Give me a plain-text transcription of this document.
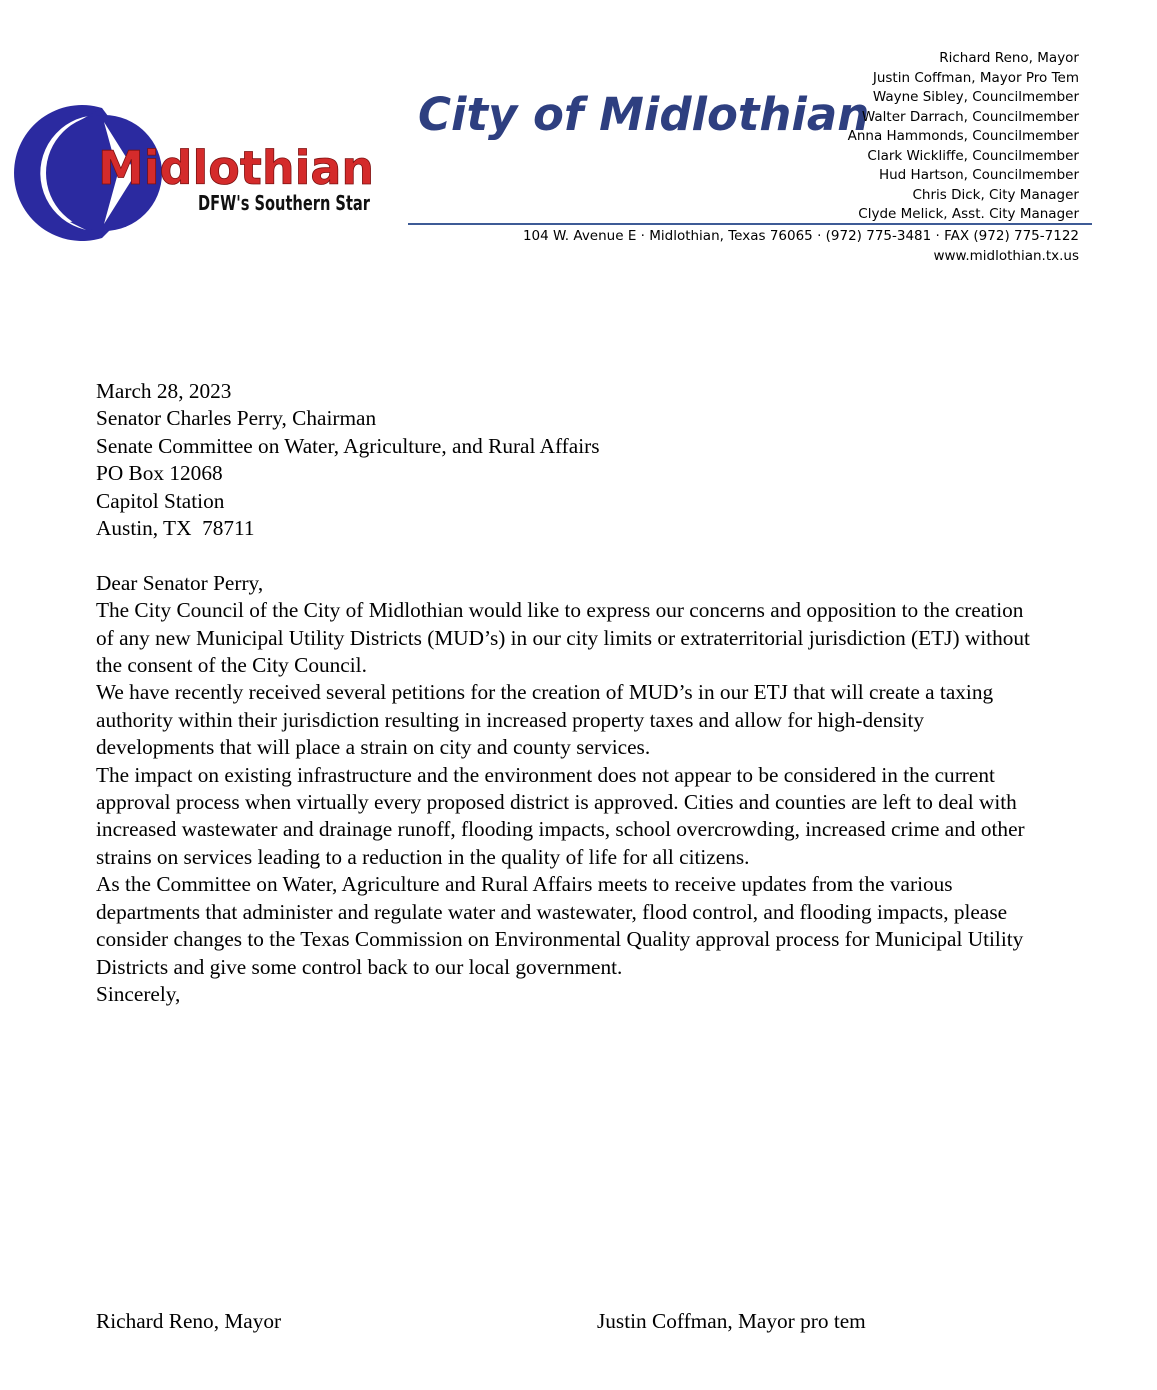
Midlothian
DFW's Southern Star
City of Midlothian
Richard Reno, Mayor
Justin Coffman, Mayor Pro Tem
Wayne Sibley, Councilmember
Walter Darrach, Councilmember
Anna Hammonds, Councilmember
Clark Wickliffe, Councilmember
Hud Hartson, Councilmember
Chris Dick, City Manager
Clyde Melick, Asst. City Manager
104 W. Avenue E · Midlothian, Texas 76065 · (972) 775-3481 · FAX (972) 775-7122
www.midlothian.tx.us

March 28, 2023

Senator Charles Perry, Chairman

Senate Committee on Water, Agriculture, and Rural Affairs

PO Box 12068

Capitol Station

Austin, TX  78711

Dear Senator Perry,

The City Council of the City of Midlothian would like to express our concerns and opposition to the creation of any new Municipal Utility Districts (MUD’s) in our city limits or extraterritorial jurisdiction (ETJ) without the consent of the City Council.

We have recently received several petitions for the creation of MUD’s in our ETJ that will create a taxing authority within their jurisdiction resulting in increased property taxes and allow for high-density developments that will place a strain on city and county services.

The impact on existing infrastructure and the environment does not appear to be considered in the current approval process when virtually every proposed district is approved. Cities and counties are left to deal with increased wastewater and drainage runoff, flooding impacts, school overcrowding, increased crime and other strains on services leading to a reduction in the quality of life for all citizens.

As the Committee on Water, Agriculture and Rural Affairs meets to receive updates from the various departments that administer and regulate water and wastewater, flood control, and flooding impacts, please consider changes to the Texas Commission on Environmental Quality approval process for Municipal Utility Districts and give some control back to our local government.

Sincerely,

Richard Reno, Mayor	Justin Coffman, Mayor pro tem
